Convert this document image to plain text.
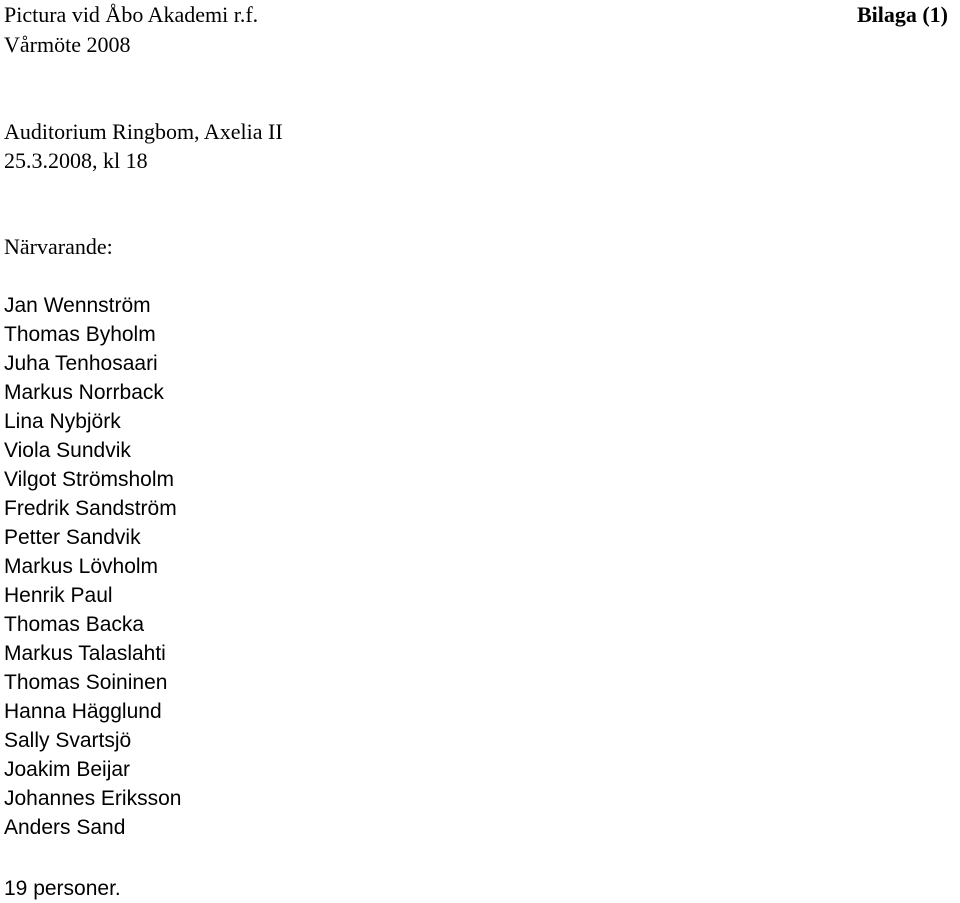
Pictura vid Åbo Akademi r.f.	Bilaga (1)
Vårmöte 2008
Auditorium Ringbom, Axelia II
25.3.2008, kl 18
Närvarande:
Jan Wennström
Thomas Byholm
Juha Tenhosaari
Markus Norrback
Lina Nybjörk
Viola Sundvik
Vilgot Strömsholm
Fredrik Sandström
Petter Sandvik
Markus Lövholm
Henrik Paul
Thomas Backa
Markus Talaslahti
Thomas Soininen
Hanna Hägglund
Sally Svartsjö
Joakim Beijar
Johannes Eriksson
Anders Sand
19 personer.
